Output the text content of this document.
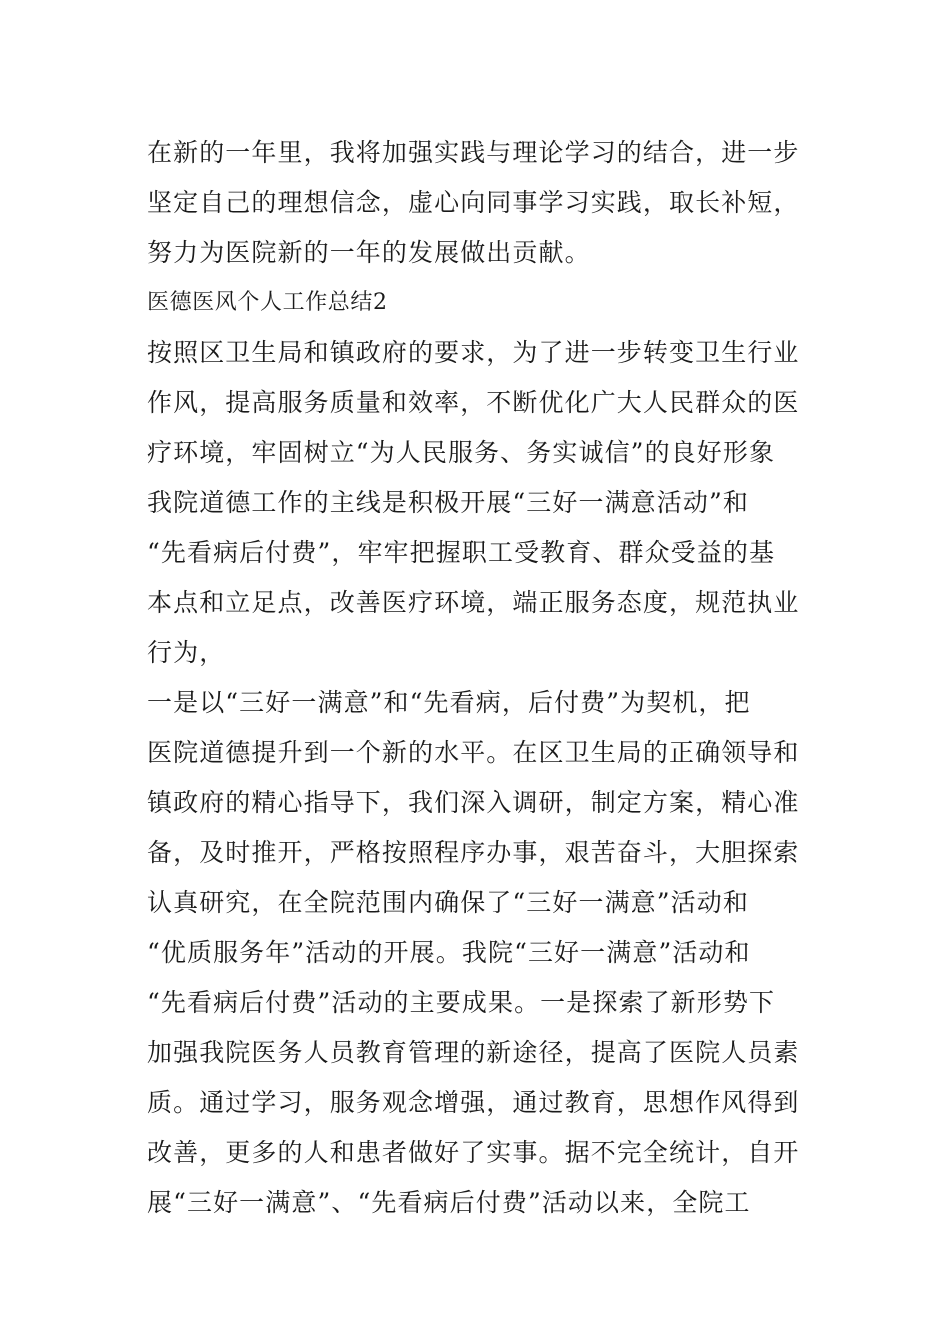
在新的一年里，我将加强实践与理论学习的结合，进一步
坚定自己的理想信念，虚心向同事学习实践，取长补短，
努力为医院新的一年的发展做出贡献。
医德医风个人工作总结2
按照区卫生局和镇政府的要求，为了进一步转变卫生行业
作风，提高服务质量和效率，不断优化广大人民群众的医
疗环境，牢固树立“为人民服务、务实诚信”的良好形象
我院道德工作的主线是积极开展“三好一满意活动”和
“先看病后付费”，牢牢把握职工受教育、群众受益的基
本点和立足点，改善医疗环境，端正服务态度，规范执业
行为，
一是以“三好一满意”和“先看病，后付费”为契机，把
医院道德提升到一个新的水平。在区卫生局的正确领导和
镇政府的精心指导下，我们深入调研，制定方案，精心准
备，及时推开，严格按照程序办事，艰苦奋斗，大胆探索
认真研究，在全院范围内确保了“三好一满意”活动和
“优质服务年”活动的开展。我院“三好一满意”活动和
“先看病后付费”活动的主要成果。一是探索了新形势下
加强我院医务人员教育管理的新途径，提高了医院人员素
质。通过学习，服务观念增强，通过教育，思想作风得到
改善，更多的人和患者做好了实事。据不完全统计，自开
展“三好一满意”、“先看病后付费”活动以来，全院工
